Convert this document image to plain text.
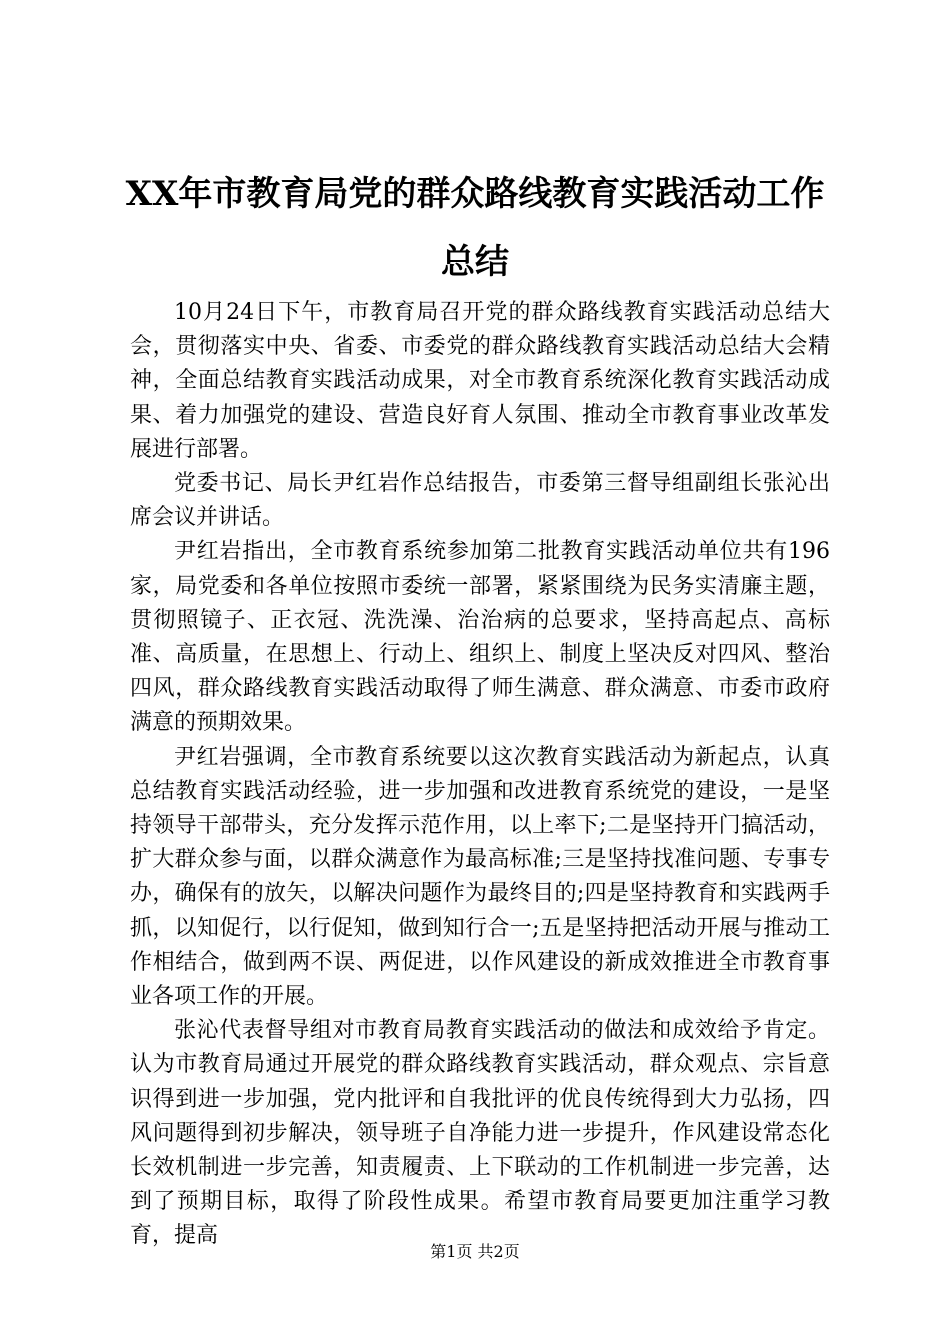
XX年市教育局党的群众路线教育实践活动工作总结

10月24日下午，市教育局召开党的群众路线教育实践活动总结大会，贯彻落实中央、省委、市委党的群众路线教育实践活动总结大会精神，全面总结教育实践活动成果，对全市教育系统深化教育实践活动成果、着力加强党的建设、营造良好育人氛围、推动全市教育事业改革发展进行部署。

党委书记、局长尹红岩作总结报告，市委第三督导组副组长张沁出席会议并讲话。

尹红岩指出，全市教育系统参加第二批教育实践活动单位共有196家，局党委和各单位按照市委统一部署，紧紧围绕为民务实清廉主题，贯彻照镜子、正衣冠、洗洗澡、治治病的总要求，坚持高起点、高标准、高质量，在思想上、行动上、组织上、制度上坚决反对四风、整治四风，群众路线教育实践活动取得了师生满意、群众满意、市委市政府满意的预期效果。

尹红岩强调，全市教育系统要以这次教育实践活动为新起点，认真总结教育实践活动经验，进一步加强和改进教育系统党的建设，一是坚持领导干部带头，充分发挥示范作用，以上率下;二是坚持开门搞活动，扩大群众参与面，以群众满意作为最高标准;三是坚持找准问题、专事专办，确保有的放矢，以解决问题作为最终目的;四是坚持教育和实践两手抓，以知促行，以行促知，做到知行合一;五是坚持把活动开展与推动工作相结合，做到两不误、两促进，以作风建设的新成效推进全市教育事业各项工作的开展。

张沁代表督导组对市教育局教育实践活动的做法和成效给予肯定。认为市教育局通过开展党的群众路线教育实践活动，群众观点、宗旨意识得到进一步加强，党内批评和自我批评的优良传统得到大力弘扬，四风问题得到初步解决，领导班子自净能力进一步提升，作风建设常态化长效机制进一步完善，知责履责、上下联动的工作机制进一步完善，达到了预期目标，取得了阶段性成果。希望市教育局要更加注重学习教育，提高

第1页 共2页
